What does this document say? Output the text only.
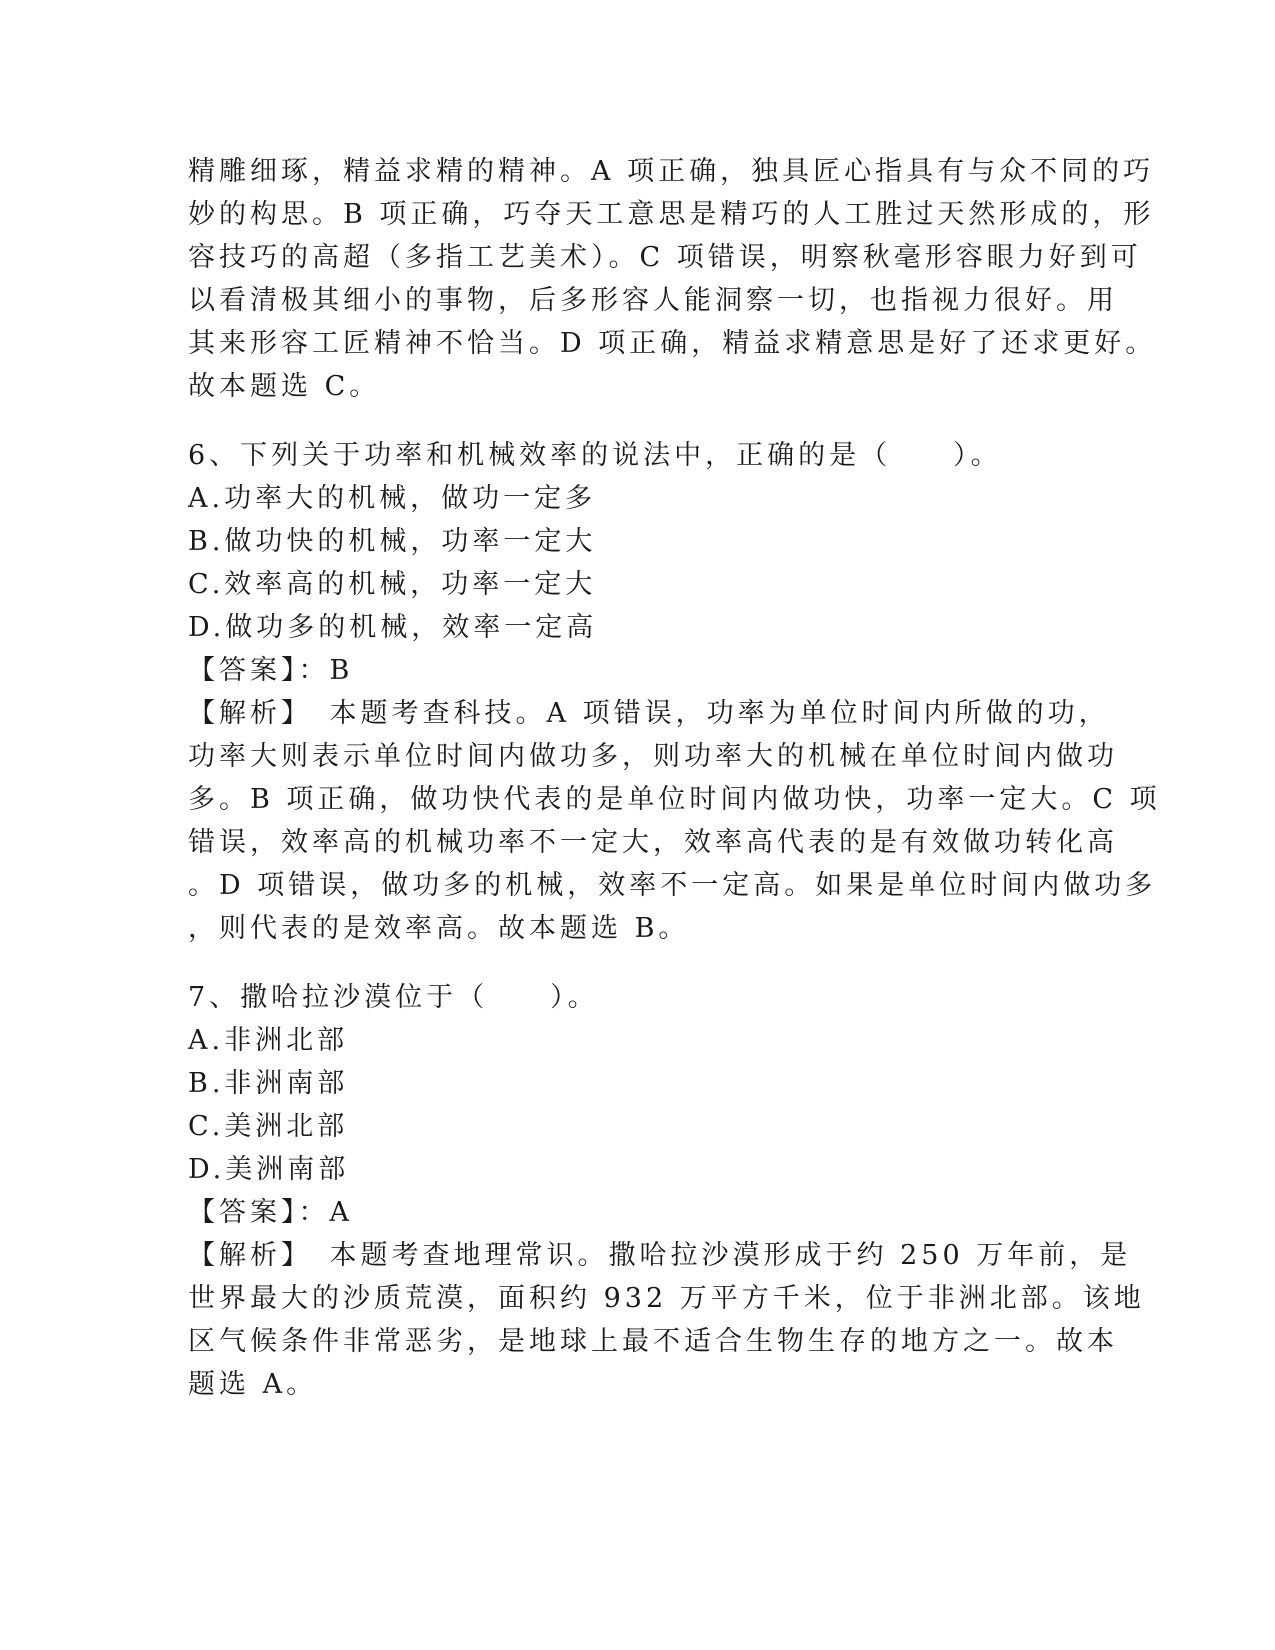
精雕细琢，精益求精的精神。A 项正确，独具匠心指具有与众不同的巧
妙的构思。B 项正确，巧夺天工意思是精巧的人工胜过天然形成的，形
容技巧的高超（多指工艺美术）。C 项错误，明察秋毫形容眼力好到可
以看清极其细小的事物，后多形容人能洞察一切，也指视力很好。用
其来形容工匠精神不恰当。D 项正确，精益求精意思是好了还求更好。
故本题选 C。
6、下列关于功率和机械效率的说法中，正确的是（　　）。
A.功率大的机械，做功一定多
B.做功快的机械，功率一定大
C.效率高的机械，功率一定大
D.做功多的机械，效率一定高
【答案】：B
【解析】　本题考查科技。A 项错误，功率为单位时间内所做的功，
功率大则表示单位时间内做功多，则功率大的机械在单位时间内做功
多。B 项正确，做功快代表的是单位时间内做功快，功率一定大。C 项
错误，效率高的机械功率不一定大，效率高代表的是有效做功转化高
。D 项错误，做功多的机械，效率不一定高。如果是单位时间内做功多
，则代表的是效率高。故本题选 B。
7、撒哈拉沙漠位于（　　）。
A.非洲北部
B.非洲南部
C.美洲北部
D.美洲南部
【答案】：A
【解析】　本题考查地理常识。撒哈拉沙漠形成于约 250 万年前，是
世界最大的沙质荒漠，面积约 932 万平方千米，位于非洲北部。该地
区气候条件非常恶劣，是地球上最不适合生物生存的地方之一。故本
题选 A。
